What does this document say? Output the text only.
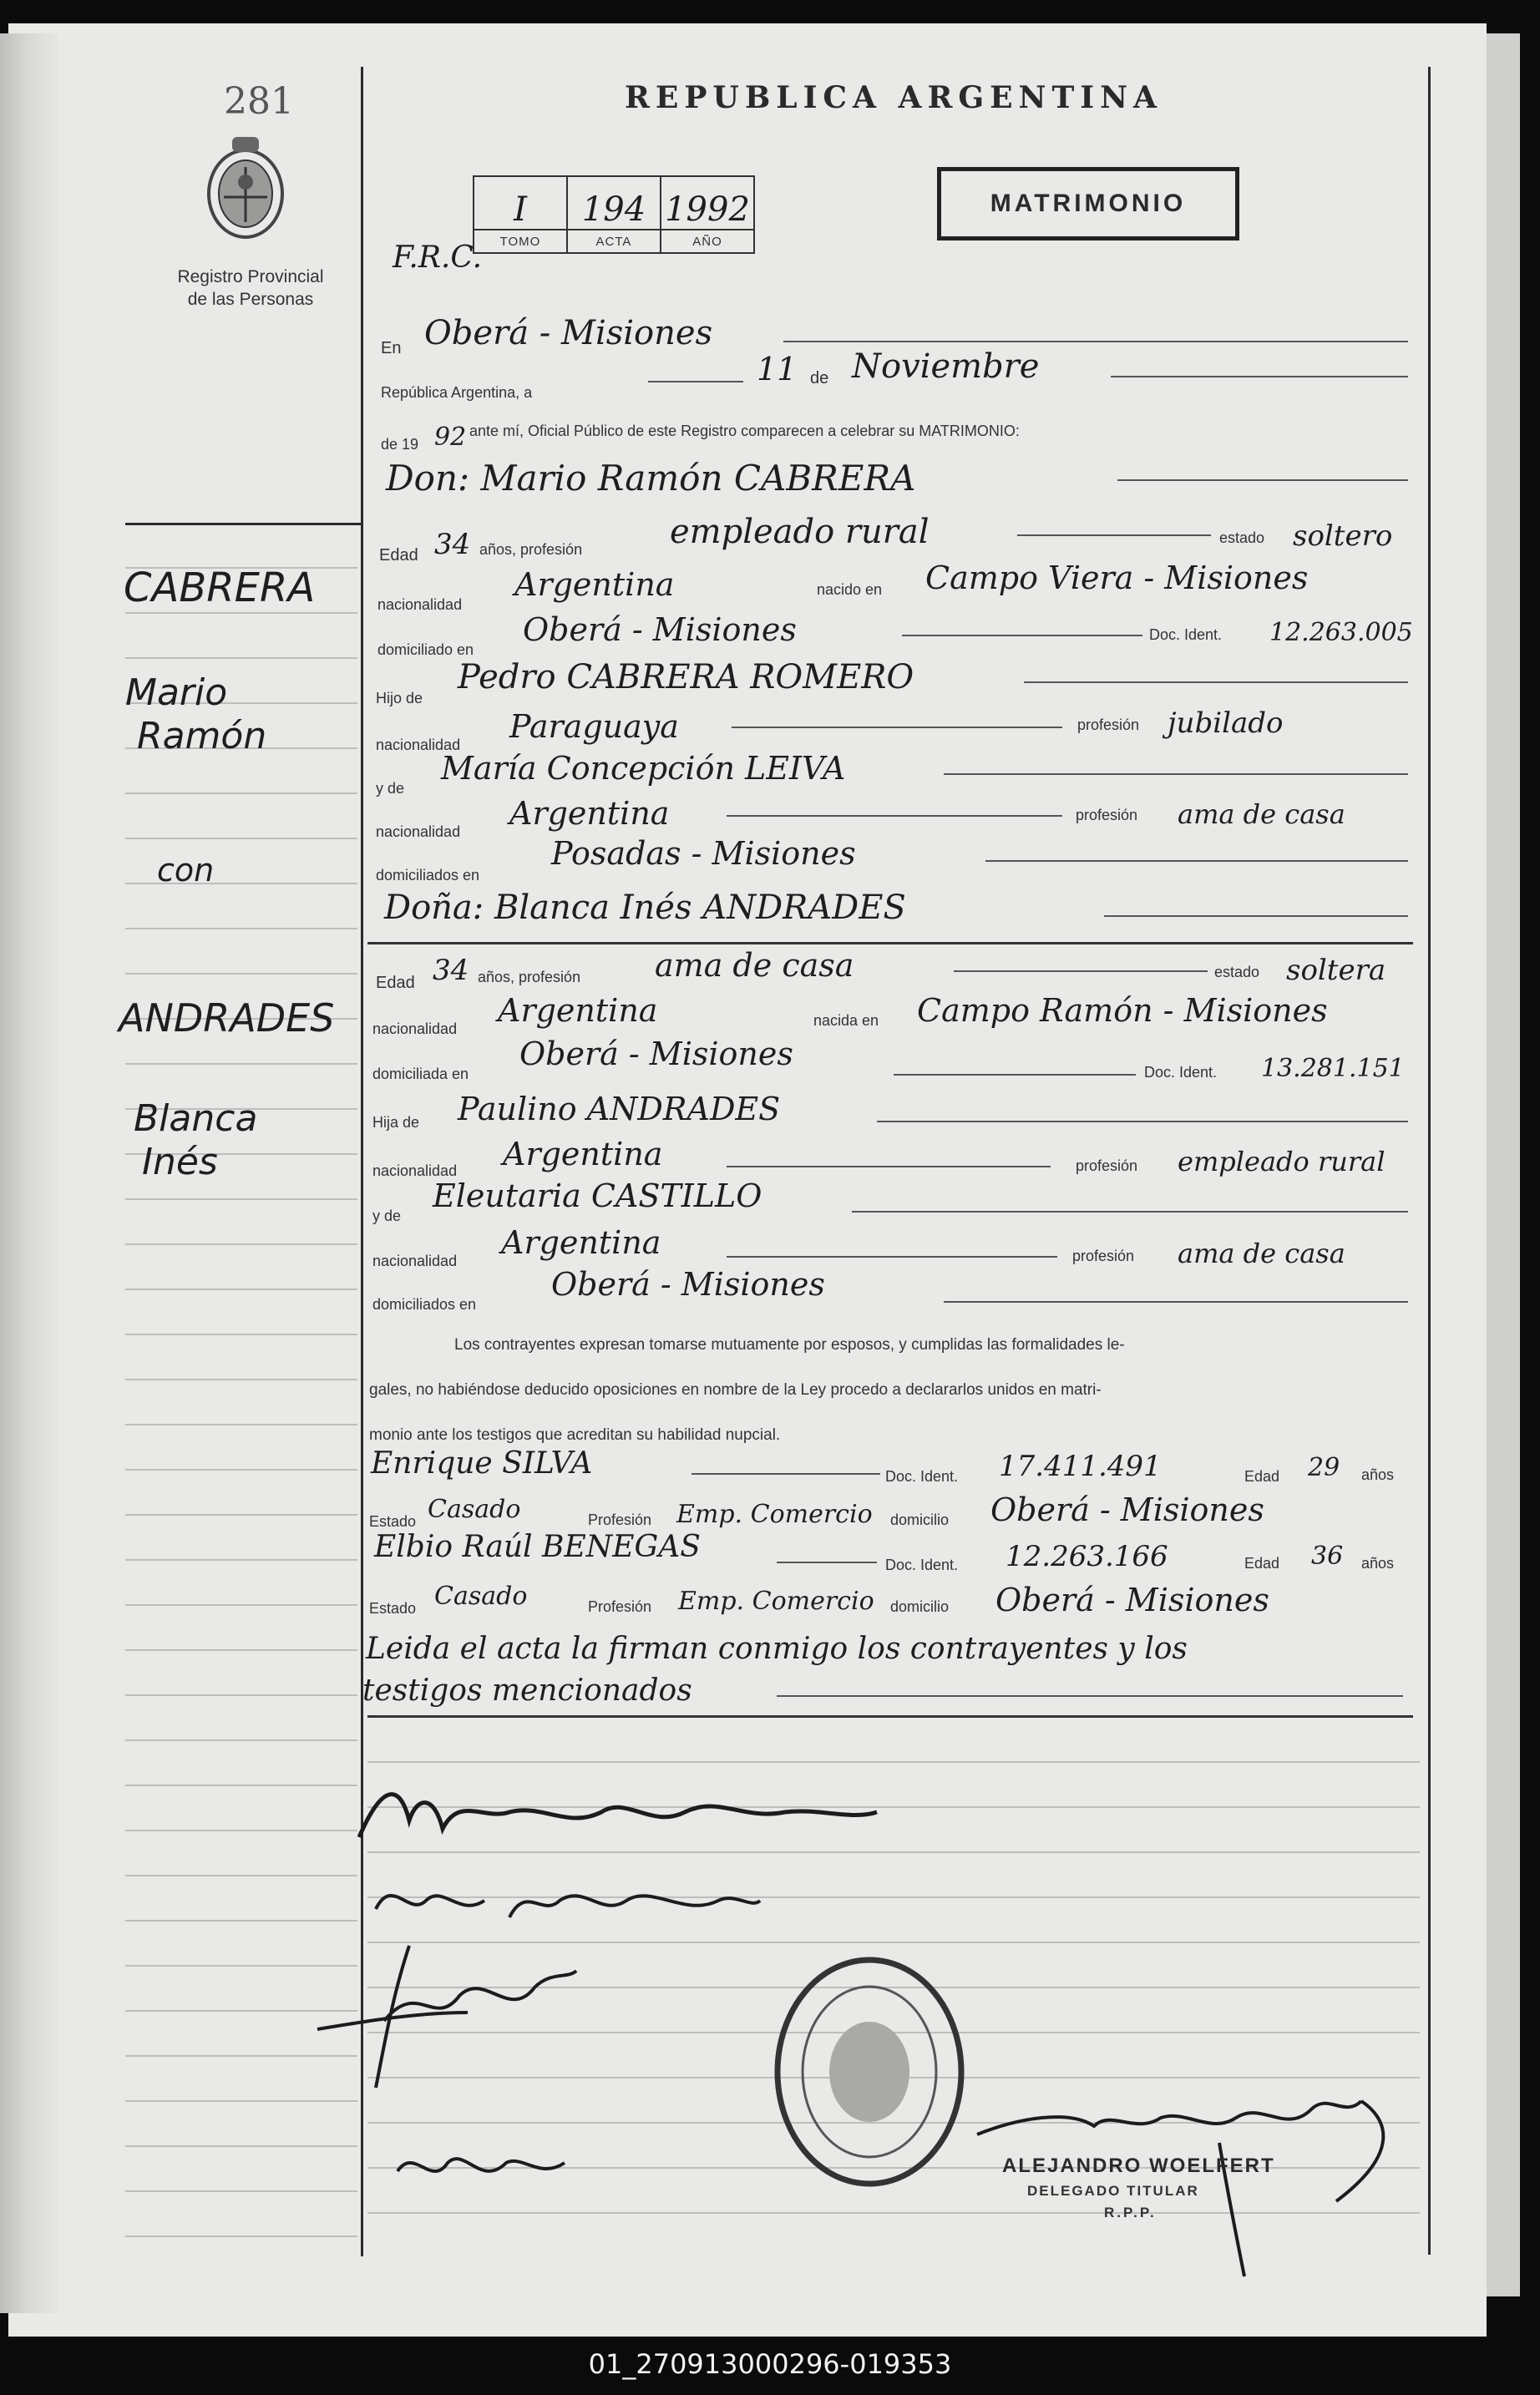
281
Registro Provincial
de las Personas
REPUBLICA ARGENTINA
MATRIMONIO
F.R.C.
I	194	1992
TOMO	ACTA	AÑO
CABRERA
Mario
Ramón
con
ANDRADES
Blanca
Inés
En Oberá - Misiones
República Argentina, a
11 de Noviembre
de 19 92 ante mí, Oficial Público de este Registro comparecen a celebrar su MATRIMONIO:
Don: Mario Ramón CABRERA
Edad 34 años, profesión	empleado rural	estado soltero
nacionalidad
Argentina	nacido en Campo Viera - Misiones
domiciliado en
Oberá - Misiones	Doc. Ident. 12.263.005
Hijo de
Pedro CABRERA ROMERO
nacionalidad Paraguaya	profesión jubilado
y de
María Concepción LEIVA
nacionalidad Argentina	profesión ama de casa
domiciliados en
Posadas - Misiones
Doña: Blanca Inés ANDRADES
Edad 34 años, profesión ama de casa	estado soltera
nacionalidad Argentina	nacida en Campo Ramón - Misiones
domiciliada en
Oberá - Misiones	Doc. Ident. 13.281.151
Hija de Paulino ANDRADES
nacionalidad Argentina	profesión empleado rural
y de
Eleutaria CASTILLO
nacionalidad Argentina	profesión ama de casa
domiciliados en
Oberá - Misiones
Los contrayentes expresan tomarse mutuamente por esposos, y cumplidas las formalidades le-
gales, no habiéndose deducido oposiciones en nombre de la Ley procedo a declararlos unidos en matri-
monio ante los testigos que acreditan su habilidad nupcial.
Enrique SILVA	Doc. Ident. 17.411.491	Edad 29 años
Estado Casado	Profesión Emp. Comercio domicilio Oberá - Misiones
Elbio Raúl BENEGAS
Doc. Ident. 12.263.166	Edad 36 años
Estado Casado	Profesión Emp. Comercio domicilio Oberá - Misiones
Leida el acta la firman conmigo los contrayentes y los
testigos mencionados
ALEJANDRO WOELFERT
DELEGADO TITULAR
R.P.P.
01_270913000296-019353
